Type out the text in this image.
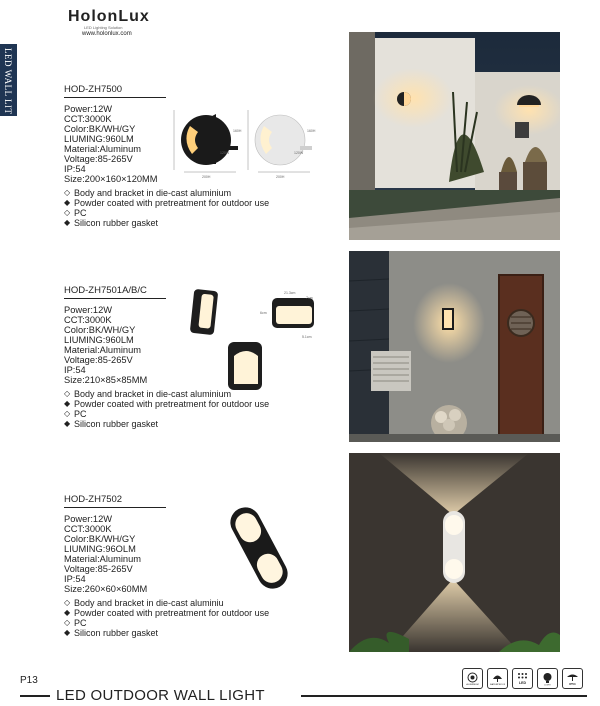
HolonLux
LED Lighting Solution
www.holonlux.com
LED WALL LIT	HOD-ZH7500
Power:12W
CCT:3000K
Color:BK/WH/GY
LIUMING:960LM
Material:Aluminum
Voltage:85-265V
IP:54
Size:200×160×120MM
◇ Body and bracket in die-cast aluminium
◆ Powder coated with pretreatment for outdoor use
◇ PC
◆ Silicon rubber gasket
160H
120W
200H
160H
120W
200H
HOD-ZH7501A/B/C
Power:12W
CCT:3000K
Color:BK/WH/GY
LIUMING:960LM
Material:Aluminum
Voltage:85-265V
IP:54
Size:210×85×85MM
◇ Body and bracket in die-cast aluminium
◆ Powder coated with pretreatment for outdoor use
◇ PC
◆ Silicon rubber gasket
21.3cm
7cm
6cm
5.1cm
HOD-ZH7502
Power:12W
CCT:3000K
Color:BK/WH/GY
LIUMING:96OLM
Material:Aluminum
Voltage:85-265V
IP:54
Size:260×60×60MM
◇ Body and bracket in die-cast aluminiu
◆ Powder coated with pretreatment for outdoor use
◇ PC
◆ Silicon rubber gasket
P13
LED OUTDOOR WALL LIGHT
ALUMINIUM	WATERPROOF	LED
LIGHT	IP54
